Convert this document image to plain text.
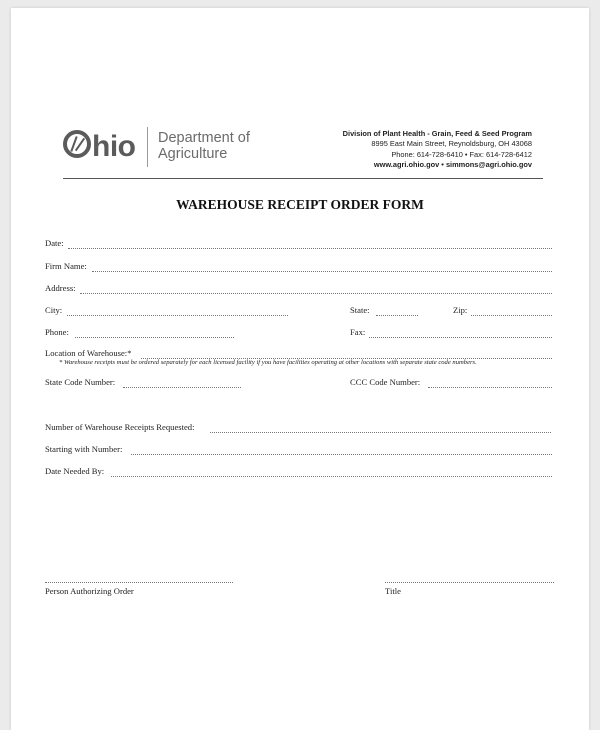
hio Department of
Agriculture
Division of Plant Health - Grain, Feed & Seed Program
8995 East Main Street, Reynoldsburg, OH 43068
Phone: 614-728-6410 • Fax: 614-728-6412
www.agri.ohio.gov • simmons@agri.ohio.gov
WAREHOUSE RECEIPT ORDER FORM
Date:
Firm Name:
Address:
City:	State:	Zip:
Phone:	Fax:
Location of Warehouse:*
* Warehouse receipts must be ordered separately for each licensed facility if you have facilities operating at other locations with separate state code numbers.
State Code Number:	CCC Code Number:
Number of Warehouse Receipts Requested:
Starting with Number:
Date Needed By:
Person Authorizing Order	Title
